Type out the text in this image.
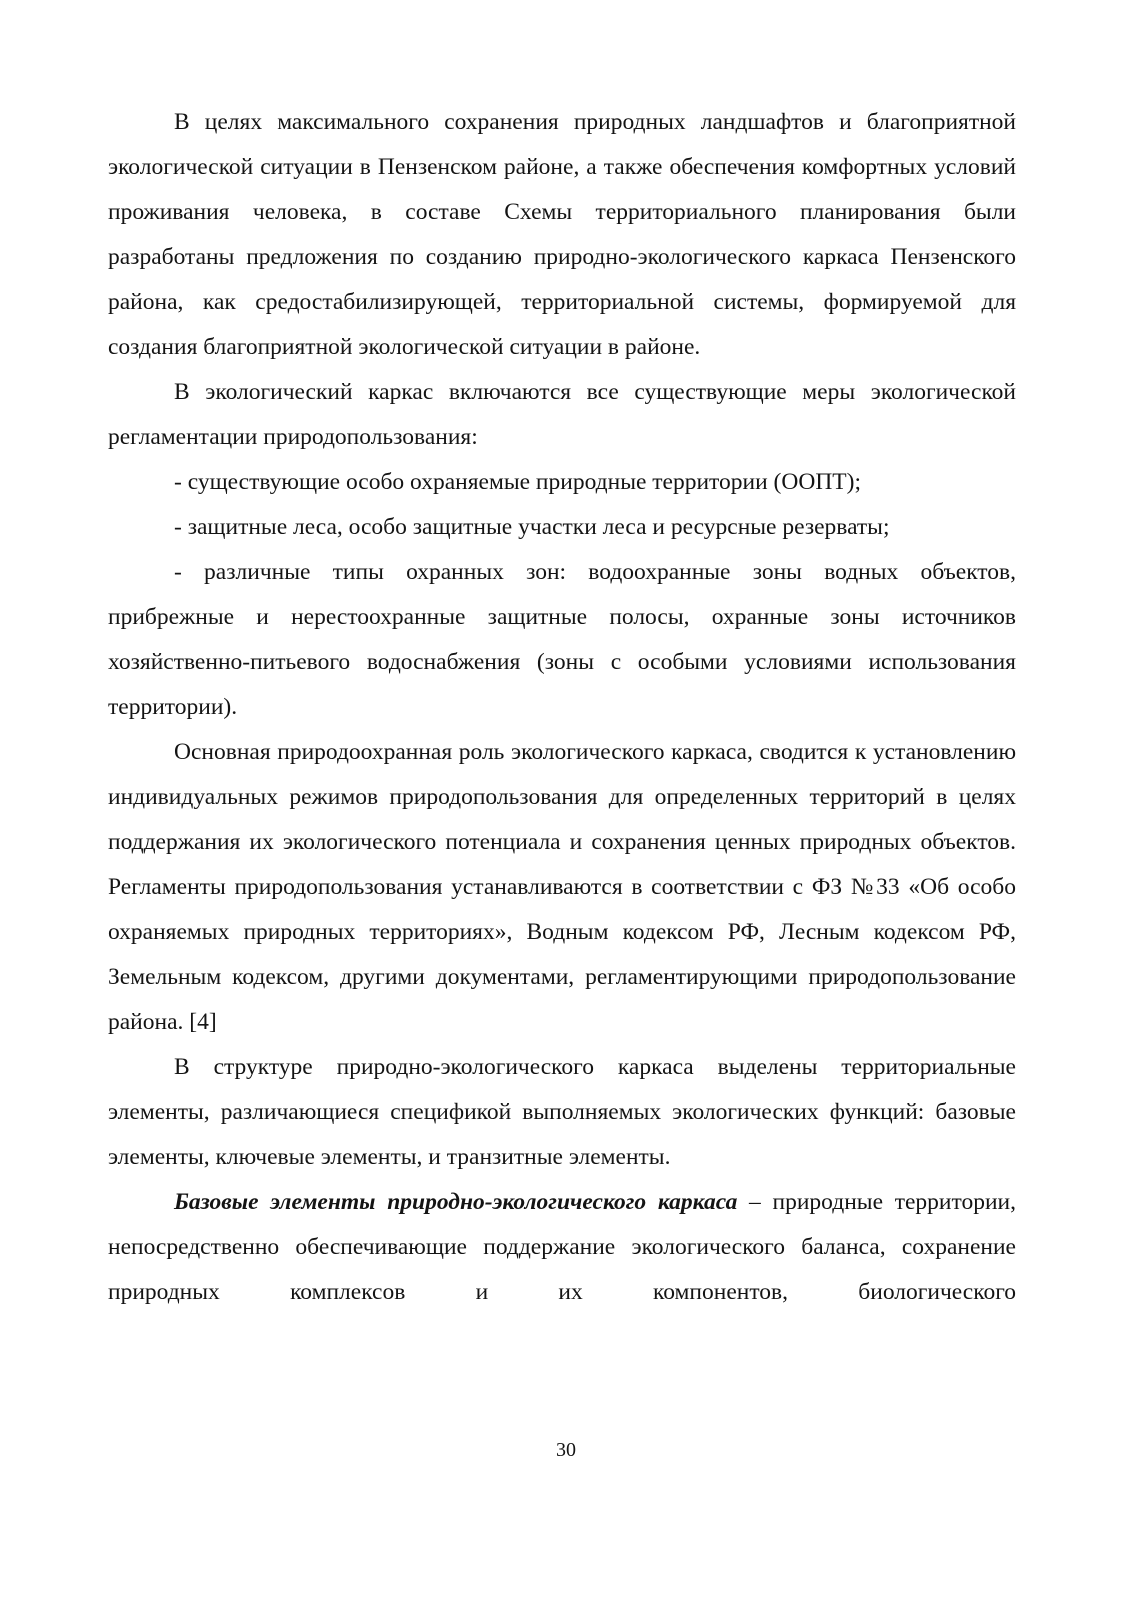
В целях максимального сохранения природных ландшафтов и благоприятной экологической ситуации в Пензенском районе, а также обеспечения комфортных условий проживания человека, в составе Схемы территориального планирования были разработаны предложения по созданию природно-экологического каркаса Пензенского района, как средостабилизирующей, территориальной системы, формируемой для создания благоприятной экологической ситуации в районе.

В экологический каркас включаются все существующие меры экологической регламентации природопользования:

- существующие особо охраняемые природные территории (ООПТ);

- защитные леса, особо защитные участки леса и ресурсные резерваты;

- различные типы охранных зон: водоохранные зоны водных объектов, прибрежные и нерестоохранные защитные полосы, охранные зоны источников хозяйственно-питьевого водоснабжения (зоны с особыми условиями использования территории).

Основная природоохранная роль экологического каркаса, сводится к установлению индивидуальных режимов природопользования для определенных территорий в целях поддержания их экологического потенциала и сохранения ценных природных объектов. Регламенты природопользования устанавливаются в соответствии с ФЗ №33 «Об особо охраняемых природных территориях», Водным кодексом РФ, Лесным кодексом РФ, Земельным кодексом, другими документами, регламентирующими природопользование района. [4]

В структуре природно-экологического каркаса выделены территориальные элементы, различающиеся спецификой выполняемых экологических функций: базовые элементы, ключевые элементы, и транзитные элементы.

Базовые элементы природно-экологического каркаса – природные территории, непосредственно обеспечивающие поддержание экологического баланса, сохранение природных комплексов и их компонентов, биологического

30
